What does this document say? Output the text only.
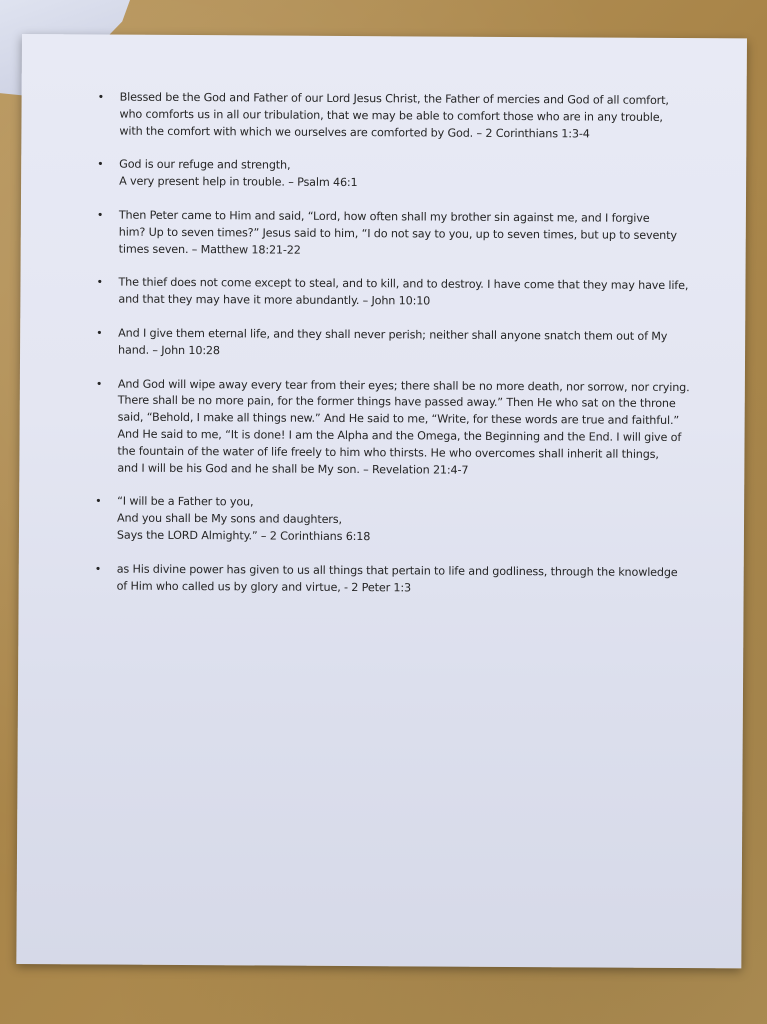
• Blessed be the God and Father of our Lord Jesus Christ, the Father of mercies and God of all comfort,
who comforts us in all our tribulation, that we may be able to comfort those who are in any trouble,
with the comfort with which we ourselves are comforted by God. – 2 Corinthians 1:3-4
• God is our refuge and strength,
A very present help in trouble. – Psalm 46:1
• Then Peter came to Him and said, “Lord, how often shall my brother sin against me, and I forgive
him? Up to seven times?” Jesus said to him, “I do not say to you, up to seven times, but up to seventy
times seven. – Matthew 18:21-22
• The thief does not come except to steal, and to kill, and to destroy. I have come that they may have life,
and that they may have it more abundantly. – John 10:10
• And I give them eternal life, and they shall never perish; neither shall anyone snatch them out of My
hand. – John 10:28
• And God will wipe away every tear from their eyes; there shall be no more death, nor sorrow, nor crying.
There shall be no more pain, for the former things have passed away.” Then He who sat on the throne
said, “Behold, I make all things new.” And He said to me, “Write, for these words are true and faithful.”
And He said to me, “It is done! I am the Alpha and the Omega, the Beginning and the End. I will give of
the fountain of the water of life freely to him who thirsts. He who overcomes shall inherit all things,
and I will be his God and he shall be My son. – Revelation 21:4-7
• “I will be a Father to you,
And you shall be My sons and daughters,
Says the LORD Almighty.” – 2 Corinthians 6:18
• as His divine power has given to us all things that pertain to life and godliness, through the knowledge
of Him who called us by glory and virtue, - 2 Peter 1:3
